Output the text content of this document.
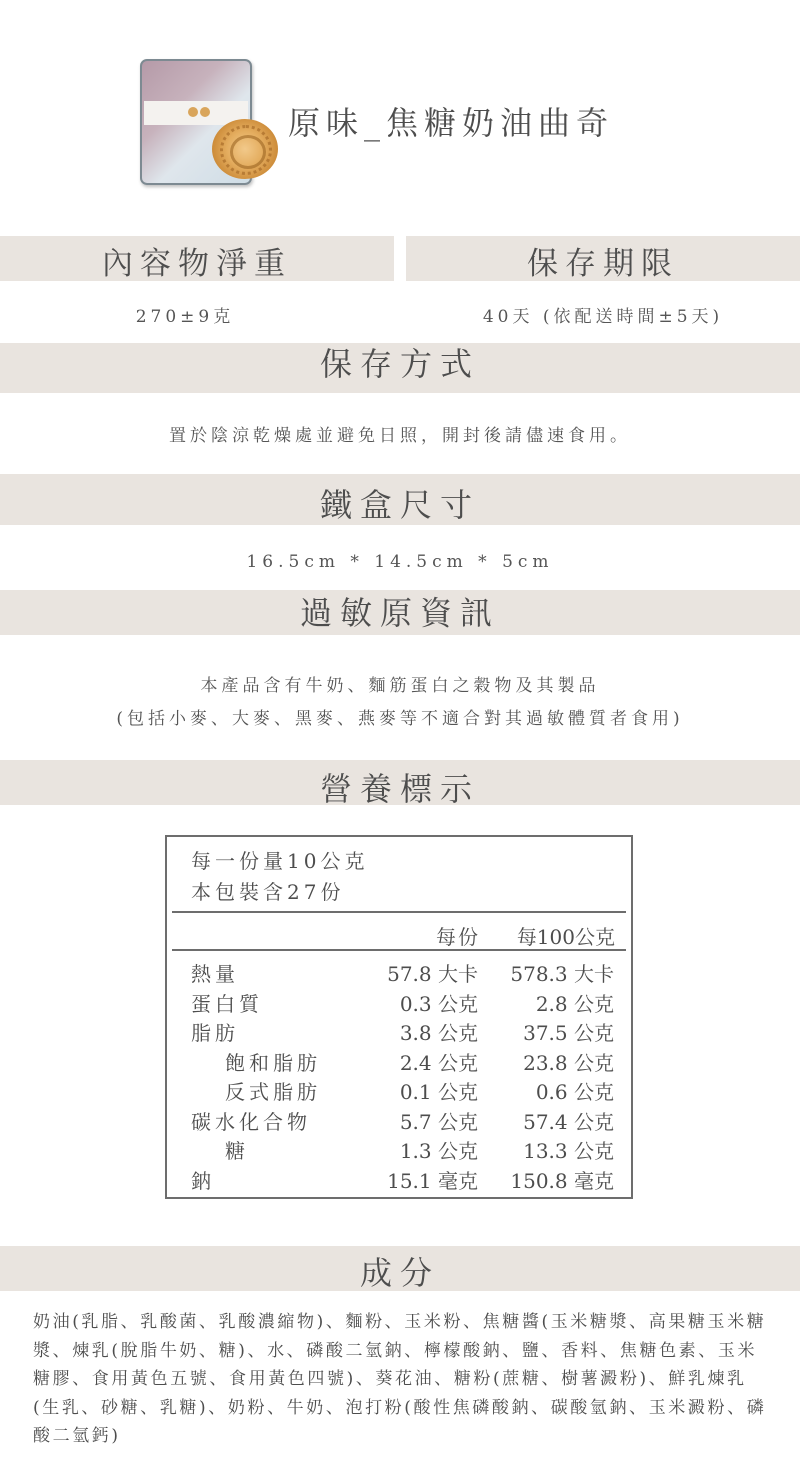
原味_焦糖奶油曲奇
內容物淨重	保存期限
270±9克	40天 (依配送時間±5天)
保存方式
置於陰涼乾燥處並避免日照，開封後請儘速食用。
鐵盒尺寸
16.5cm * 14.5cm * 5cm
過敏原資訊
本產品含有牛奶、麵筋蛋白之穀物及其製品
(包括小麥、大麥、黑麥、燕麥等不適合對其過敏體質者食用)
營養標示
每一份量10公克
本包裝含27份
每份 每100公克
熱量	57.8 大卡 578.3 大卡
蛋白質	0.3 公克	2.8 公克
脂肪	3.8 公克 37.5 公克
飽和脂肪	2.4 公克 23.8 公克
反式脂肪	0.1 公克	0.6 公克
碳水化合物	5.7 公克 57.4 公克
糖	1.3 公克 13.3 公克
鈉	15.1 毫克 150.8 毫克
成分
奶油(乳脂、乳酸菌、乳酸濃縮物)、麵粉、玉米粉、焦糖醬(玉米糖漿、高果糖玉米糖漿、煉乳(脫脂牛奶、糖)、水、磷酸二氫鈉、檸檬酸鈉、鹽、香料、焦糖色素、玉米糖膠、食用黃色五號、食用黃色四號)、葵花油、糖粉(蔗糖、樹薯澱粉)、鮮乳煉乳(生乳、砂糖、乳糖)、奶粉、牛奶、泡打粉(酸性焦磷酸鈉、碳酸氫鈉、玉米澱粉、磷酸二氫鈣)
